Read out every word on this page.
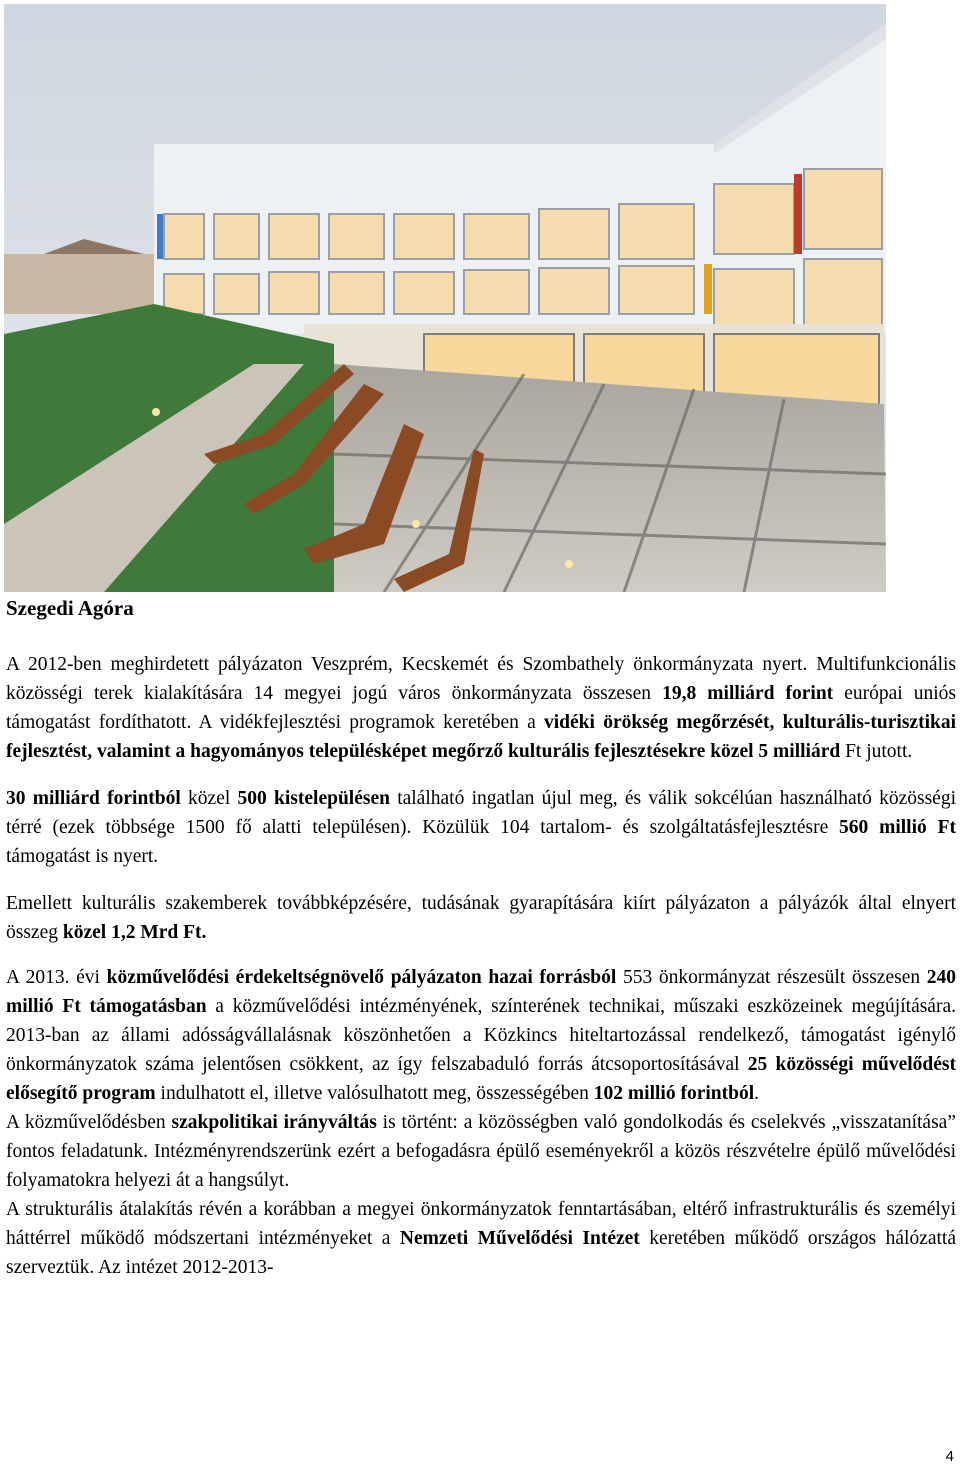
Szegedi Agóra

A 2012-ben meghirdetett pályázaton Veszprém, Kecskemét és Szombathely önkormányzata nyert. Multifunkcionális közösségi terek kialakítására 14 megyei jogú város önkormányzata összesen 19,8 milliárd forint európai uniós támogatást fordíthatott. A vidékfejlesztési programok keretében a vidéki örökség megőrzését, kulturális-turisztikai fejlesztést, valamint a hagyományos településképet megőrző kulturális fejlesztésekre közel 5 milliárd Ft jutott.

30 milliárd forintból közel 500 kistelepülésen található ingatlan újul meg, és válik sokcélúan használható közösségi térré (ezek többsége 1500 fő alatti településen). Közülük 104 tartalom- és szolgáltatásfejlesztésre 560 millió Ft támogatást is nyert.

Emellett kulturális szakemberek továbbképzésére, tudásának gyarapítására kiírt pályázaton a pályázók által elnyert összeg közel 1,2 Mrd Ft.

A 2013. évi közművelődési érdekeltségnövelő pályázaton hazai forrásból 553 önkormányzat részesült összesen 240 millió Ft támogatásban a közművelődési intézményének, színterének technikai, műszaki eszközeinek megújítására. 2013-ban az állami adósságvállalásnak köszönhetően a Közkincs hiteltartozással rendelkező, támogatást igénylő önkormányzatok száma jelentősen csökkent, az így felszabaduló forrás átcsoportosításával 25 közösségi művelődést elősegítő program indulhatott el, illetve valósulhatott meg, összességében 102 millió forintból.

A közművelődésben szakpolitikai irányváltás is történt: a közösségben való gondolkodás és cselekvés „visszatanítása” fontos feladatunk. Intézményrendszerünk ezért a befogadásra épülő eseményekről a közös részvételre épülő művelődési folyamatokra helyezi át a hangsúlyt.

A strukturális átalakítás révén a korábban a megyei önkormányzatok fenntartásában, eltérő infrastrukturális és személyi háttérrel működő módszertani intézményeket a Nemzeti Művelődési Intézet keretében működő országos hálózattá szerveztük. Az intézet 2012-2013-

4
